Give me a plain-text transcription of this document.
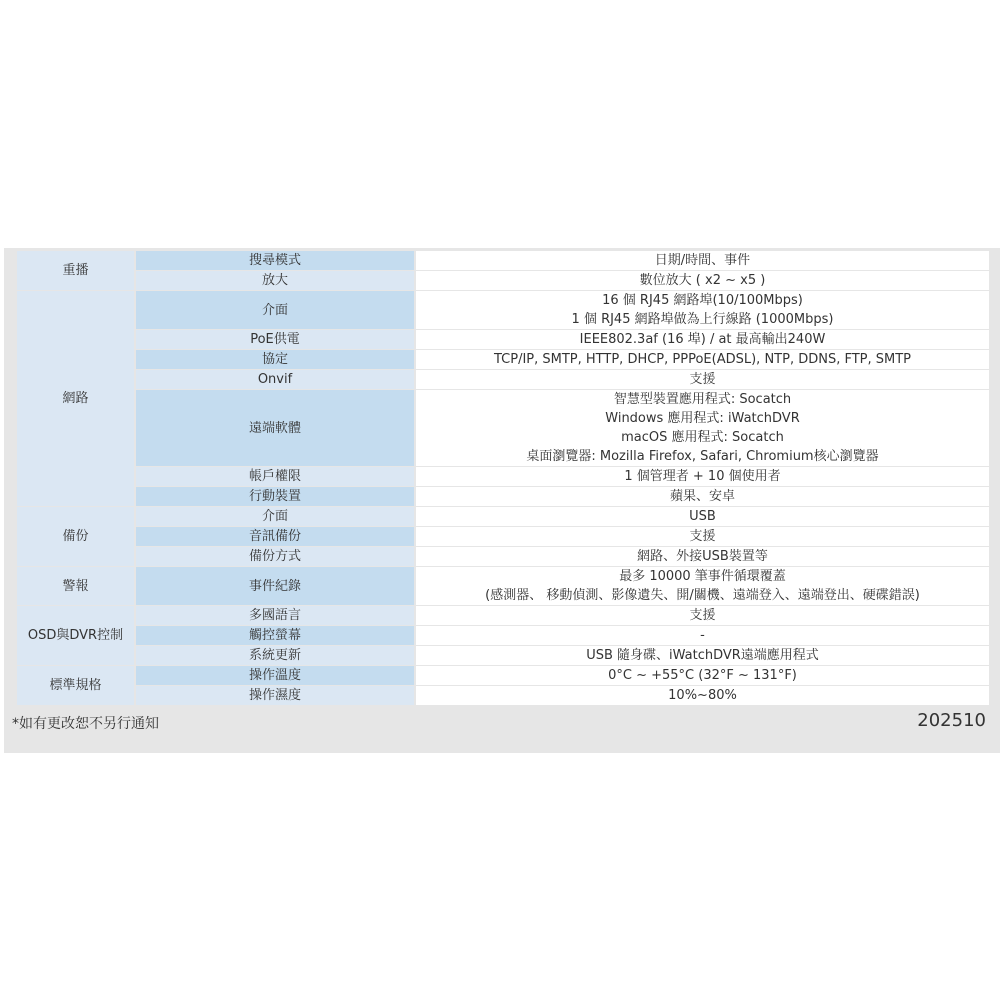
重播	搜尋模式	日期/時間、事件

	放大	數位放大 ( x2 ~ x5 )

網路	介面	16 個 RJ45 網路埠(10/100Mbps)
1 個 RJ45 網路埠做為上行線路 (1000Mbps)

	PoE供電	IEEE802.3af (16 埠) / at 最高輸出240W

	協定	TCP/IP, SMTP, HTTP, DHCP, PPPoE(ADSL), NTP, DDNS, FTP, SMTP

	Onvif	支援

	遠端軟體	智慧型裝置應用程式: Socatch
Windows 應用程式: iWatchDVR
macOS 應用程式: Socatch
桌面瀏覽器: Mozilla Firefox, Safari, Chromium核心瀏覽器

	帳戶權限	1 個管理者 + 10 個使用者

	行動裝置	蘋果、安卓

備份	介面	USB

	音訊備份	支援

	備份方式	網路、外接USB裝置等

警報	事件紀錄	最多 10000 筆事件循環覆蓋
(感測器、 移動偵測、影像遺失、開/關機、遠端登入、遠端登出、硬碟錯誤)

OSD與DVR控制	多國語言	支援

	觸控螢幕	-

	系統更新	USB 隨身碟、iWatchDVR遠端應用程式

標準規格	操作溫度	0°C ~ +55°C (32°F ~ 131°F)

	操作濕度	10%~80%
*如有更改恕不另行通知	202510
